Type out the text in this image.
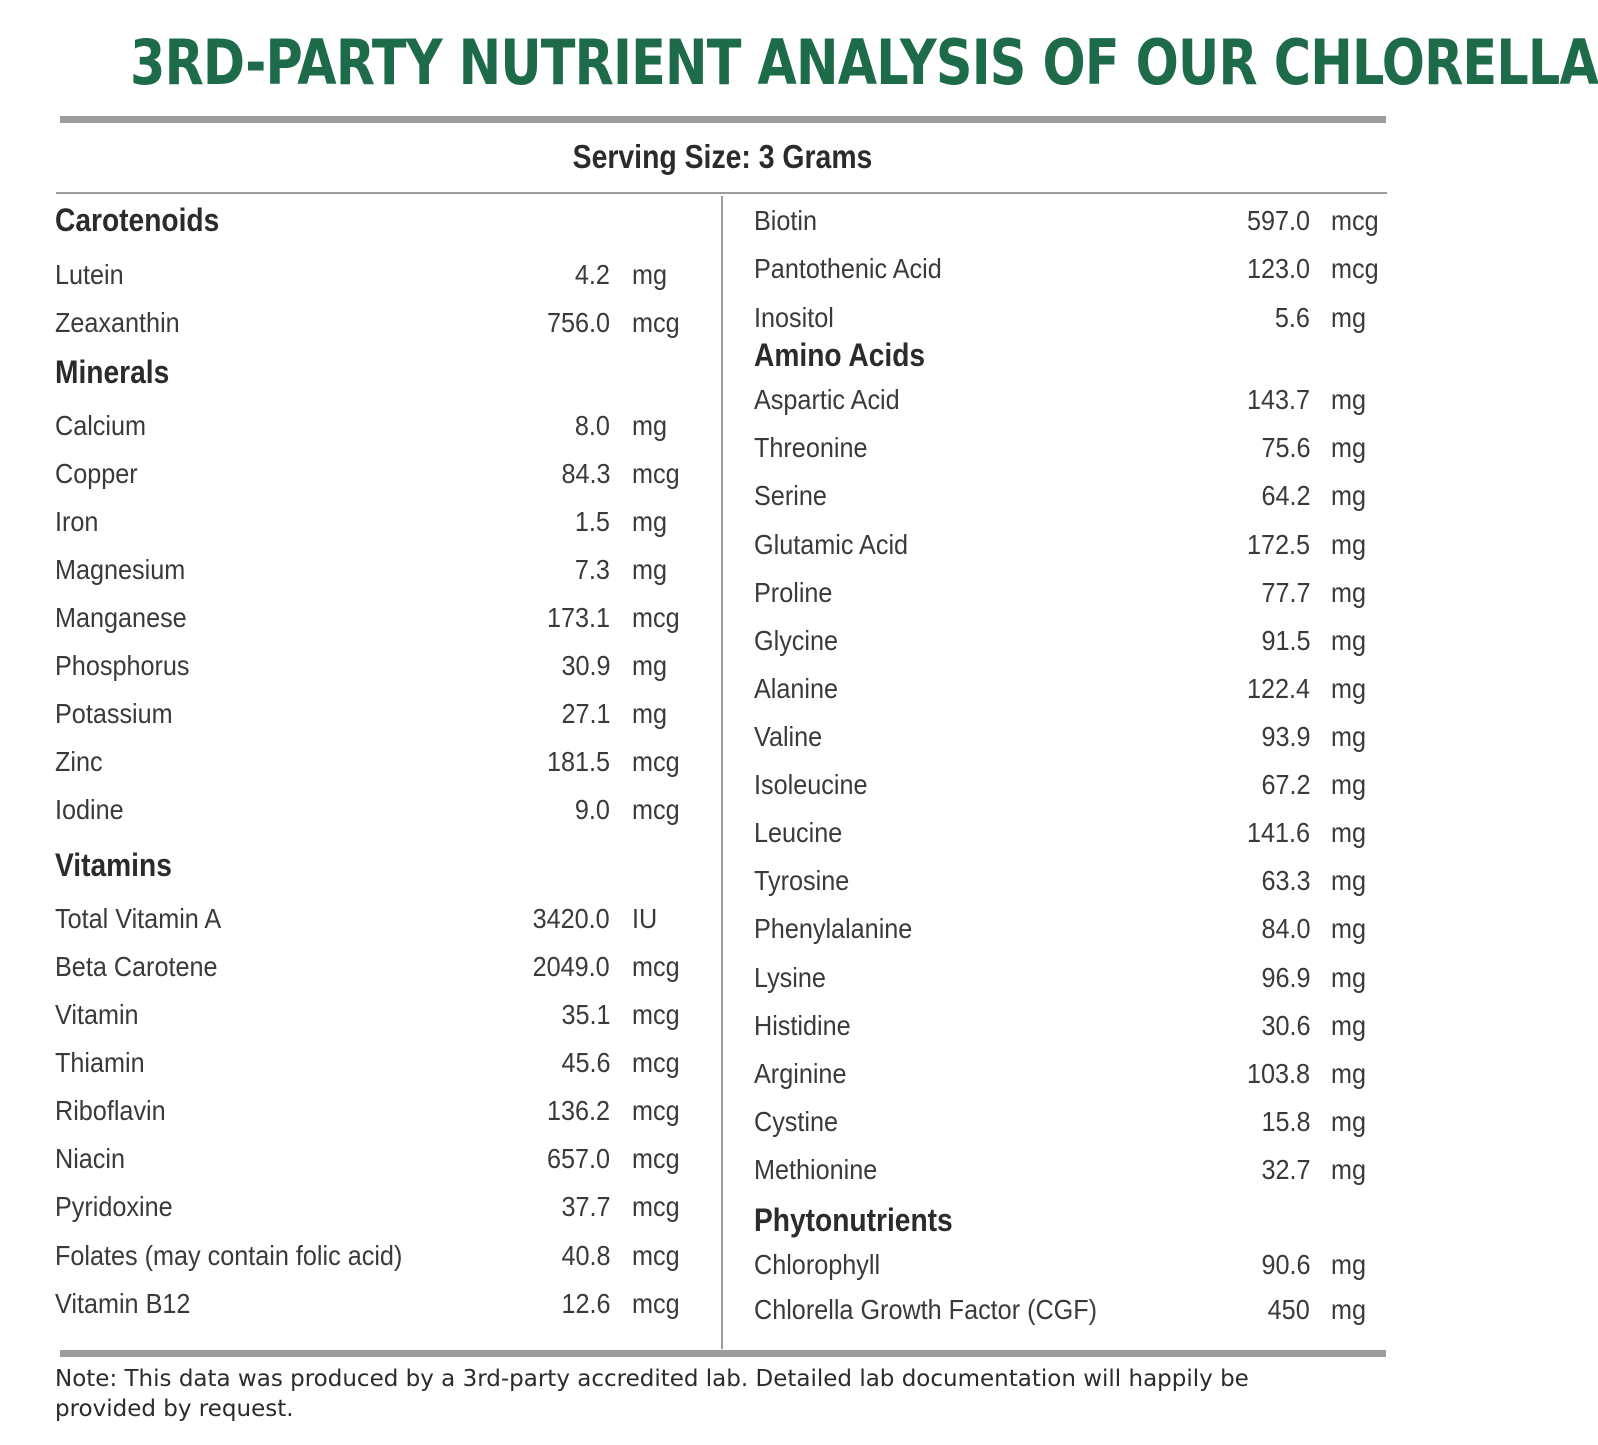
3RD-PARTY NUTRIENT ANALYSIS OF OUR CHLORELLA
Serving Size: 3 Grams
Carotenoids
Lutein	4.2 mg
Zeaxanthin	756.0 mcg
Minerals
Calcium	8.0 mg
Copper	84.3 mcg
Iron	1.5 mg
Magnesium	7.3 mg
Manganese	173.1 mcg
Phosphorus	30.9 mg
Potassium	27.1 mg
Zinc	181.5 mcg
Iodine	9.0 mcg
Vitamins
Total Vitamin A	3420.0 IU
Beta Carotene	2049.0 mcg
Vitamin	35.1 mcg
Thiamin	45.6 mcg
Riboflavin	136.2 mcg
Niacin	657.0 mcg
Pyridoxine	37.7 mcg
Folates (may contain folic acid)	40.8 mcg
Vitamin B12	12.6 mcg
Biotin	597.0 mcg
Pantothenic Acid	123.0 mcg
Inositol	5.6 mg
Amino Acids
Aspartic Acid	143.7 mg
Threonine	75.6 mg
Serine	64.2 mg
Glutamic Acid	172.5 mg
Proline	77.7 mg
Glycine	91.5 mg
Alanine	122.4 mg
Valine	93.9 mg
Isoleucine	67.2 mg
Leucine	141.6 mg
Tyrosine	63.3 mg
Phenylalanine	84.0 mg
Lysine	96.9 mg
Histidine	30.6 mg
Arginine	103.8 mg
Cystine	15.8 mg
Methionine	32.7 mg
Phytonutrients
Chlorophyll	90.6 mg
Chlorella Growth Factor (CGF)	450 mg
Note: This data was produced by a 3rd-party accredited lab. Detailed lab documentation will happily be provided by request.
